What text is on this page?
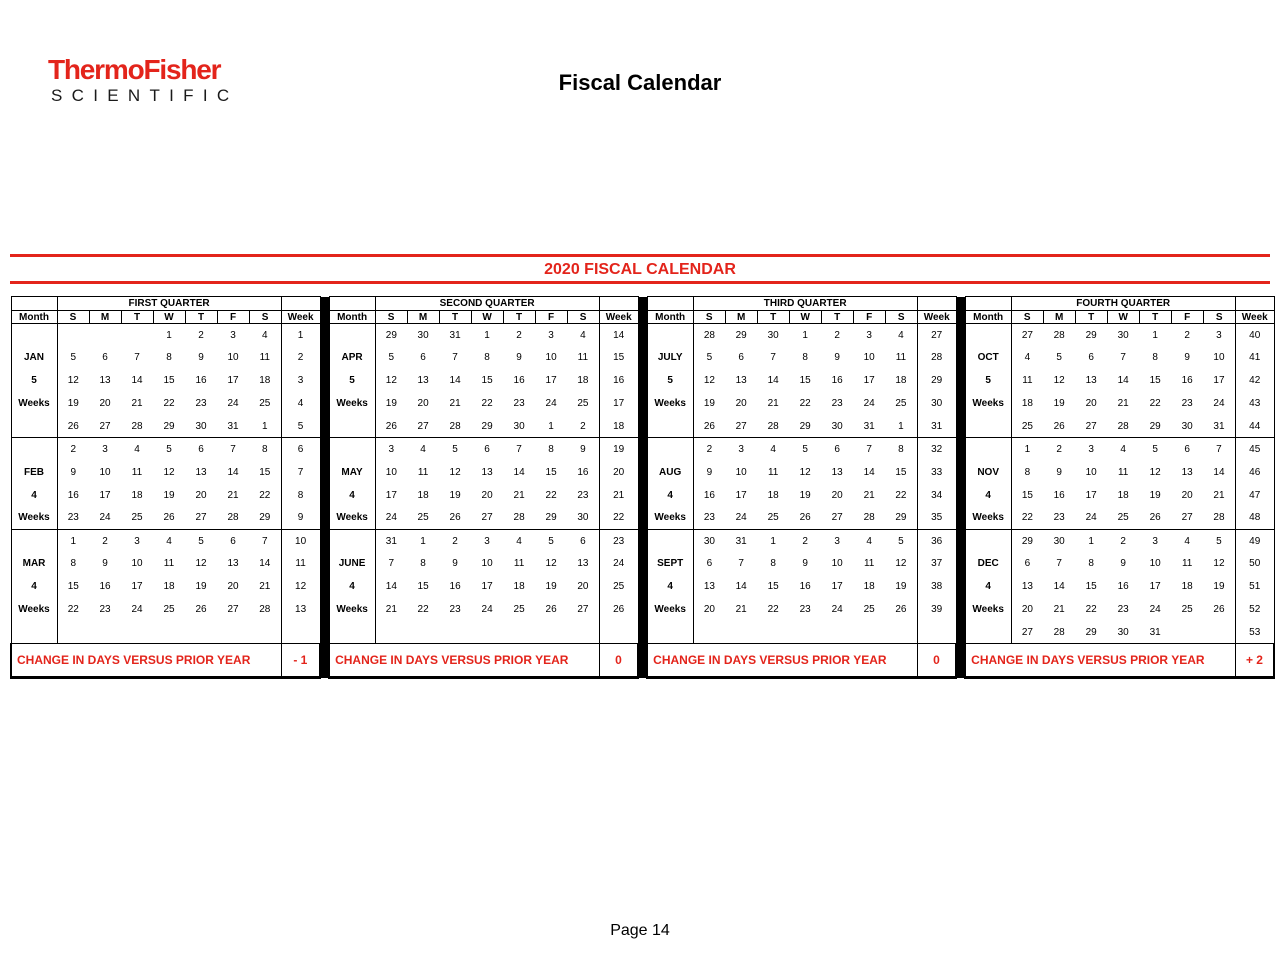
ThermoFisher
SCIENTIFIC
Fiscal Calendar
2020 FISCAL CALENDAR
	FIRST QUARTER										SECOND QUARTER										THIRD QUARTER										FOURTH QUARTER							
Month	S	M	T	W	T	F	S	Week		Month	S	M	T	W	T	F	S	Week		Month	S	M	T	W	T	F	S	Week		Month	S	M	T	W	T	F	S	Week
				1	2	3	4	1			29	30	31	1	2	3	4	14			28	29	30	1	2	3	4	27			27	28	29	30	1	2	3	40
JAN	5	6	7	8	9	10	11	2		APR	5	6	7	8	9	10	11	15		JULY	5	6	7	8	9	10	11	28		OCT	4	5	6	7	8	9	10	41
5	12	13	14	15	16	17	18	3		5	12	13	14	15	16	17	18	16		5	12	13	14	15	16	17	18	29		5	11	12	13	14	15	16	17	42
Weeks	19	20	21	22	23	24	25	4		Weeks	19	20	21	22	23	24	25	17		Weeks	19	20	21	22	23	24	25	30		Weeks	18	19	20	21	22	23	24	43
	26	27	28	29	30	31	1	5			26	27	28	29	30	1	2	18			26	27	28	29	30	31	1	31			25	26	27	28	29	30	31	44
	2	3	4	5	6	7	8	6			3	4	5	6	7	8	9	19			2	3	4	5	6	7	8	32			1	2	3	4	5	6	7	45
FEB	9	10	11	12	13	14	15	7		MAY	10	11	12	13	14	15	16	20		AUG	9	10	11	12	13	14	15	33		NOV	8	9	10	11	12	13	14	46
4	16	17	18	19	20	21	22	8		4	17	18	19	20	21	22	23	21		4	16	17	18	19	20	21	22	34		4	15	16	17	18	19	20	21	47
Weeks	23	24	25	26	27	28	29	9		Weeks	24	25	26	27	28	29	30	22		Weeks	23	24	25	26	27	28	29	35		Weeks	22	23	24	25	26	27	28	48
	1	2	3	4	5	6	7	10			31	1	2	3	4	5	6	23			30	31	1	2	3	4	5	36			29	30	1	2	3	4	5	49
MAR	8	9	10	11	12	13	14	11		JUNE	7	8	9	10	11	12	13	24		SEPT	6	7	8	9	10	11	12	37		DEC	6	7	8	9	10	11	12	50
4	15	16	17	18	19	20	21	12		4	14	15	16	17	18	19	20	25		4	13	14	15	16	17	18	19	38		4	13	14	15	16	17	18	19	51
Weeks	22	23	24	25	26	27	28	13		Weeks	21	22	23	24	25	26	27	26		Weeks	20	21	22	23	24	25	26	39		Weeks	20	21	22	23	24	25	26	52
																															27	28	29	30	31			53
CHANGE IN DAYS VERSUS PRIOR YEAR								- 1		CHANGE IN DAYS VERSUS PRIOR YEAR								0		CHANGE IN DAYS VERSUS PRIOR YEAR								0		CHANGE IN DAYS VERSUS PRIOR YEAR								+ 2
Page 14
